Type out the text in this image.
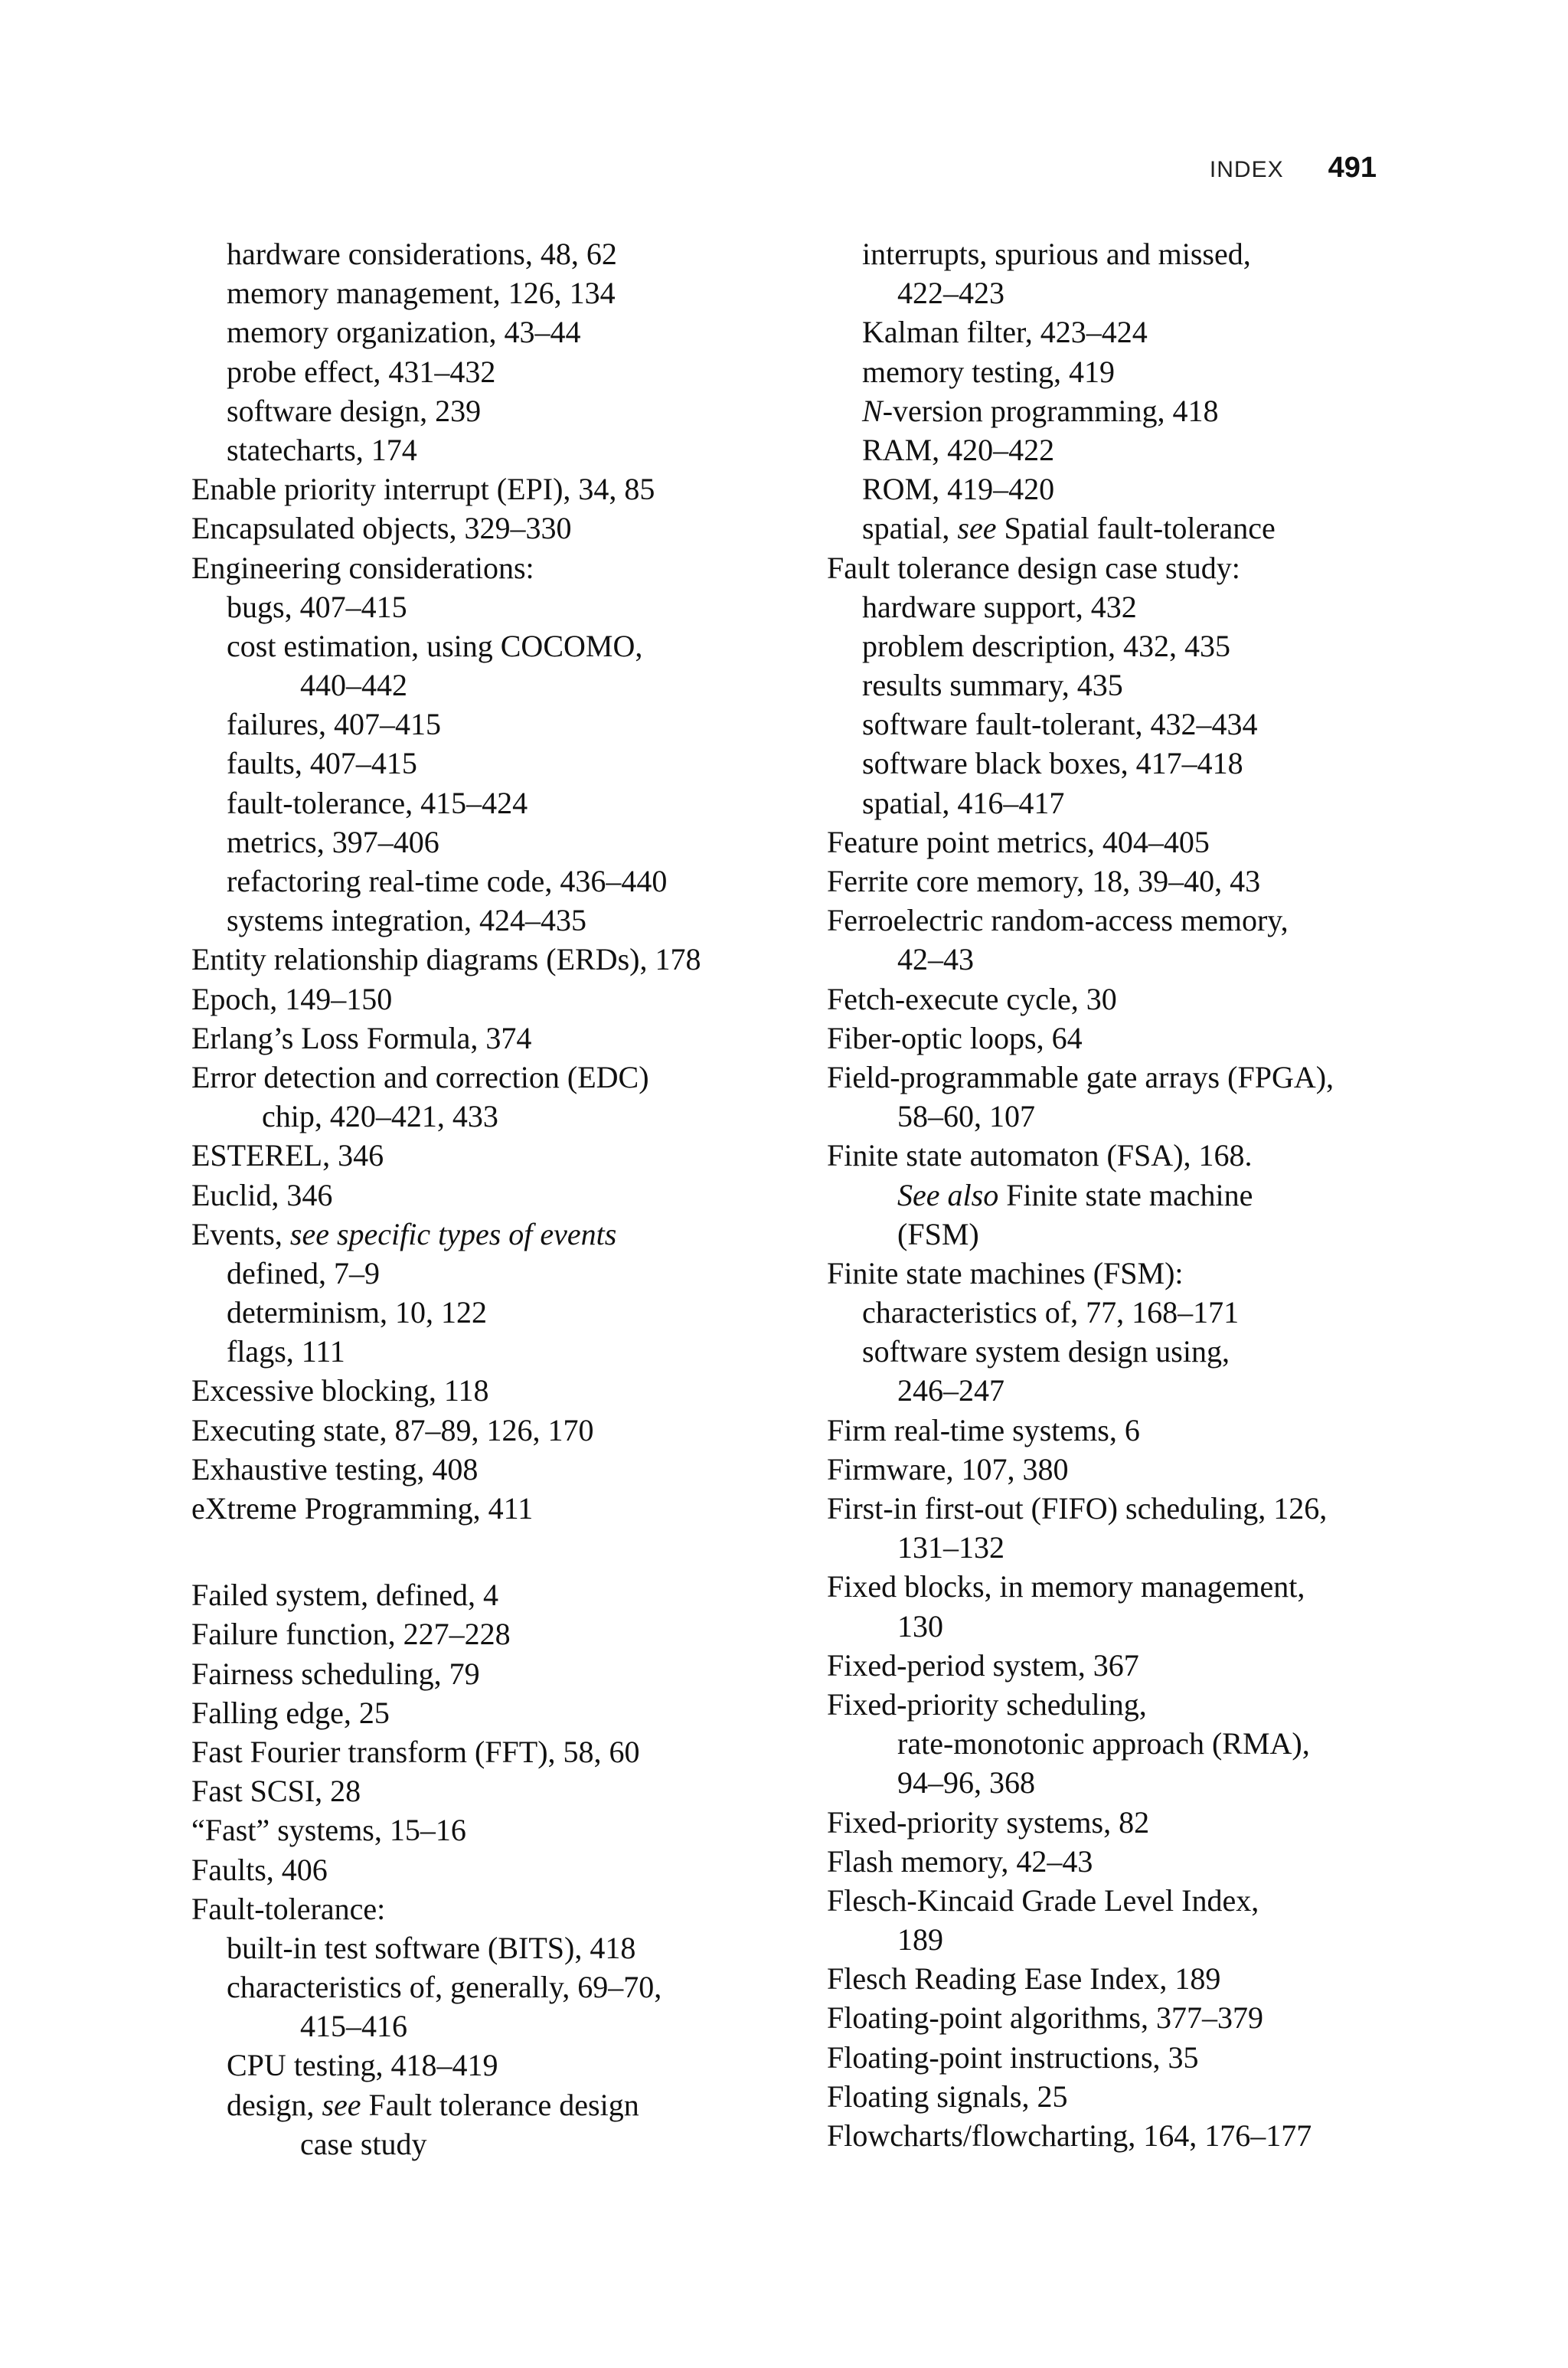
INDEX 491
hardware considerations, 48, 62
memory management, 126, 134
memory organization, 43–44
probe effect, 431–432
software design, 239
statecharts, 174
Enable priority interrupt (EPI), 34, 85
Encapsulated objects, 329–330
Engineering considerations:
bugs, 407–415
cost estimation, using COCOMO,
440–442
failures, 407–415
faults, 407–415
fault-tolerance, 415–424
metrics, 397–406
refactoring real-time code, 436–440
systems integration, 424–435
Entity relationship diagrams (ERDs), 178
Epoch, 149–150
Erlang’s Loss Formula, 374
Error detection and correction (EDC)
chip, 420–421, 433
ESTEREL, 346
Euclid, 346
Events, see specific types of events
defined, 7–9
determinism, 10, 122
flags, 111
Excessive blocking, 118
Executing state, 87–89, 126, 170
Exhaustive testing, 408
eXtreme Programming, 411
Failed system, defined, 4
Failure function, 227–228
Fairness scheduling, 79
Falling edge, 25
Fast Fourier transform (FFT), 58, 60
Fast SCSI, 28
“Fast” systems, 15–16
Faults, 406
Fault-tolerance:
built-in test software (BITS), 418
characteristics of, generally, 69–70,
415–416
CPU testing, 418–419
design, see Fault tolerance design
case study
interrupts, spurious and missed,
422–423
Kalman filter, 423–424
memory testing, 419
N-version programming, 418
RAM, 420–422
ROM, 419–420
spatial, see Spatial fault-tolerance
Fault tolerance design case study:
hardware support, 432
problem description, 432, 435
results summary, 435
software fault-tolerant, 432–434
software black boxes, 417–418
spatial, 416–417
Feature point metrics, 404–405
Ferrite core memory, 18, 39–40, 43
Ferroelectric random-access memory,
42–43
Fetch-execute cycle, 30
Fiber-optic loops, 64
Field-programmable gate arrays (FPGA),
58–60, 107
Finite state automaton (FSA), 168.
See also Finite state machine
(FSM)
Finite state machines (FSM):
characteristics of, 77, 168–171
software system design using,
246–247
Firm real-time systems, 6
Firmware, 107, 380
First-in first-out (FIFO) scheduling, 126,
131–132
Fixed blocks, in memory management,
130
Fixed-period system, 367
Fixed-priority scheduling,
rate-monotonic approach (RMA),
94–96, 368
Fixed-priority systems, 82
Flash memory, 42–43
Flesch-Kincaid Grade Level Index,
189
Flesch Reading Ease Index, 189
Floating-point algorithms, 377–379
Floating-point instructions, 35
Floating signals, 25
Flowcharts/flowcharting, 164, 176–177
